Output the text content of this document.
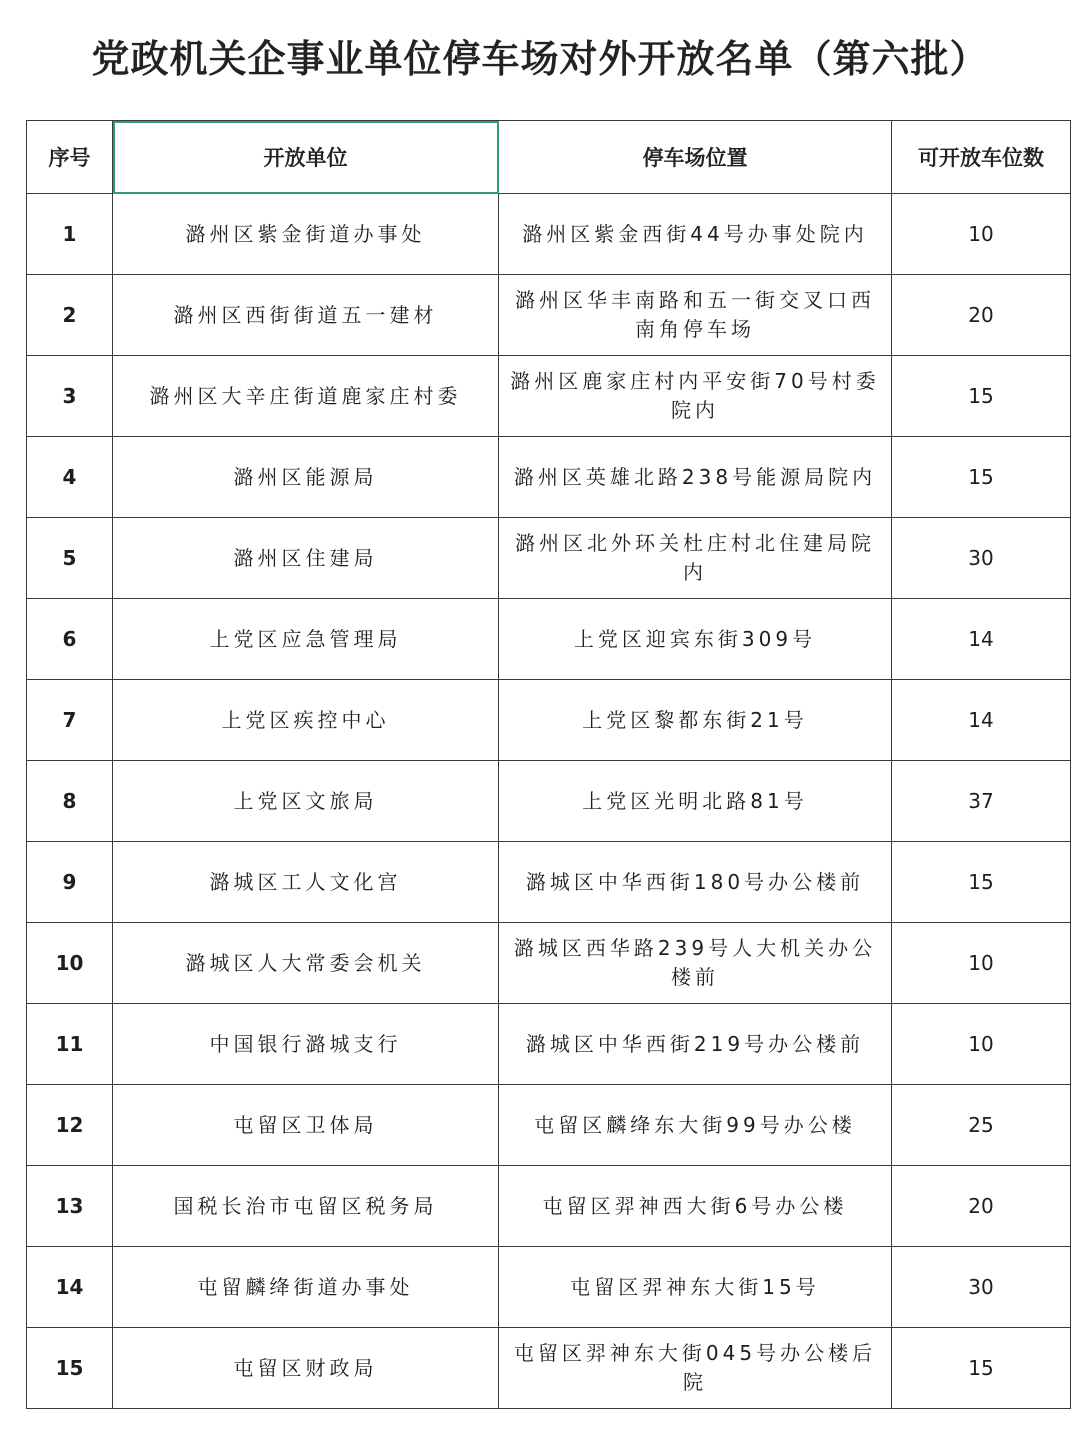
党政机关企事业单位停车场对外开放名单（第六批）
序号	开放单位	停车场位置	可开放车位数
1	潞州区紫金街道办事处	潞州区紫金西街44号办事处院内	10
2	潞州区西街街道五一建材	潞州区华丰南路和五一街交叉口西南角停车场	20
3	潞州区大辛庄街道鹿家庄村委	潞州区鹿家庄村内平安街70号村委院内	15
4	潞州区能源局	潞州区英雄北路238号能源局院内	15
5	潞州区住建局	潞州区北外环关杜庄村北住建局院内	30
6	上党区应急管理局	上党区迎宾东街309号	14
7	上党区疾控中心	上党区黎都东街21号	14
8	上党区文旅局	上党区光明北路81号	37
9	潞城区工人文化宫	潞城区中华西街180号办公楼前	15
10	潞城区人大常委会机关	潞城区西华路239号人大机关办公楼前	10
11	中国银行潞城支行	潞城区中华西街219号办公楼前	10
12	屯留区卫体局	屯留区麟绛东大街99号办公楼	25
13	国税长治市屯留区税务局	屯留区羿神西大街6号办公楼	20
14	屯留麟绛街道办事处	屯留区羿神东大街15号	30
15	屯留区财政局	屯留区羿神东大街045号办公楼后院	15
